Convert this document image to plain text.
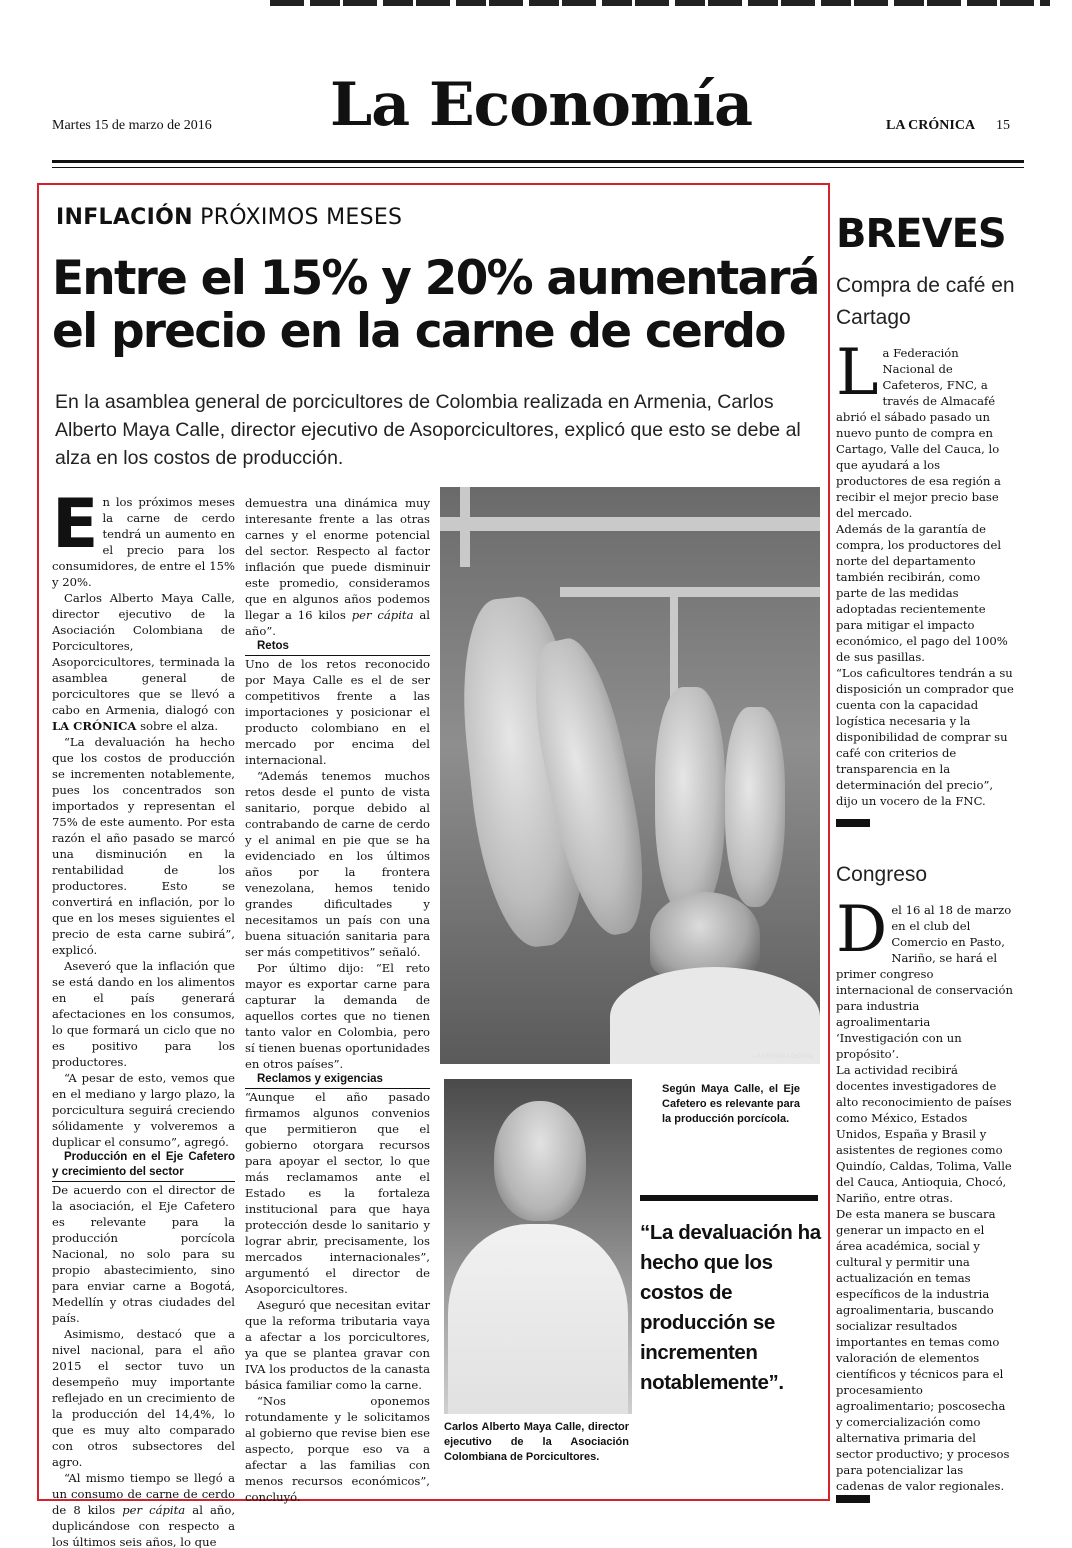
Martes 15 de marzo de 2016 La Economía	LA CRÓNICA 15
INFLACIÓN PRÓXIMOS MESES
Entre el 15% y 20% aumentará el precio en la carne de cerdo
En la asamblea general de porcicultores de Colombia realizada en Armenia, Carlos Alberto Maya Calle, director ejecutivo de Asoporcicultores, explicó que esto se debe al alza en los costos de producción.

En los próximos meses la carne de cerdo tendrá un aumento en el precio para los consumidores, de entre el 15% y 20%.

Carlos Alberto Maya Calle, director ejecutivo de la Asociación Colombiana de Porcicultores, Asoporcicultores, terminada la asamblea general de porcicultores que se llevó a cabo en Armenia, dialogó con LA CRÓNICA sobre el alza.

“La devaluación ha hecho que los costos de producción se incrementen notablemente, pues los concentrados son importados y representan el 75% de este aumento. Por esta razón el año pasado se marcó una disminución en la rentabilidad de los productores. Esto se convertirá en inflación, por lo que en los meses siguientes el precio de esta carne subirá”, explicó.

Aseveró que la inflación que se está dando en los alimentos en el país generará afectaciones en los consumos, lo que formará un ciclo que no es positivo para los productores.

“A pesar de esto, vemos que en el mediano y largo plazo, la porcicultura seguirá creciendo sólidamente y volveremos a duplicar el consumo”, agregó.

Producción en el Eje Cafetero y crecimiento del sector

De acuerdo con el director de la asociación, el Eje Cafetero es relevante para la producción porcícola Nacional, no solo para su propio abastecimiento, sino para enviar carne a Bogotá, Medellín y otras ciudades del país.

Asimismo, destacó que a nivel nacional, para el año 2015 el sector tuvo un desempeño muy importante reflejado en un crecimiento de la producción del 14,4%, lo que es muy alto comparado con otros subsectores del agro.

“Al mismo tiempo se llegó a un consumo de carne de cerdo de 8 kilos per cápita al año, duplicándose con respecto a los últimos seis años, lo que

demuestra una dinámica muy interesante frente a las otras carnes y el enorme potencial del sector. Respecto al factor inflación que puede disminuir este promedio, consideramos que en algunos años podemos llegar a 16 kilos per cápita al año”.

Retos

Uno de los retos reconocido por Maya Calle es el de ser competitivos frente a las importaciones y posicionar el producto colombiano en el mercado por encima del internacional.

“Además tenemos muchos retos desde el punto de vista sanitario, porque debido al contrabando de carne de cerdo y el animal en pie que se ha evidenciado en los últimos años por la frontera venezolana, hemos tenido grandes dificultades y necesitamos un país con una buena situación sanitaria para ser más competitivos” señaló.

Por último dijo: “El reto mayor es exportar carne para capturar la demanda de aquellos cortes que no tienen tanto valor en Colombia, pero sí tienen buenas oportunidades en otros países”.

Reclamos y exigencias

“Aunque el año pasado firmamos algunos convenios que permitieron que el gobierno otorgara recursos para apoyar el sector, lo que más reclamamos ante el Estado es la fortaleza institucional para que haya protección desde lo sanitario y lograr abrir, precisamente, los mercados internacionales”, argumentó el director de Asoporcicultores.

Aseguró que necesitan evitar que la reforma tributaria vaya a afectar a los porcicultores, ya que se plantea gravar con IVA los productos de la canasta básica familiar como la carne.

“Nos oponemos rotundamente y le solicitamos al gobierno que revise bien ese aspecto, porque eso va a afectar a las familias con menos recursos económicos”, concluyó.

LA CRÓNICA DIGITAL
Según Maya Calle, el Eje Cafetero es relevante para la producción porcícola.
Carlos Alberto Maya Calle, director ejecutivo de la Asociación Colombiana de Porcicultores.
“La devaluación ha hecho que los costos de producción se incrementen notablemente”.
BREVES
Compra de café en Cartago

La Federación Nacional de Cafeteros, FNC, a través de Almacafé abrió el sábado pasado un nuevo punto de compra en Cartago, Valle del Cauca, lo que ayudará a los productores de esa región a recibir el mejor precio base del mercado.

Además de la garantía de compra, los productores del norte del departamento también recibirán, como parte de las medidas adoptadas recientemente para mitigar el impacto económico, el pago del 100% de sus pasillas.

“Los caficultores tendrán a su disposición un comprador que cuenta con la capacidad logística necesaria y la disponibilidad de comprar su café con criterios de transparencia en la determinación del precio”, dijo un vocero de la FNC.

Congreso

Del 16 al 18 de marzo en el club del Comercio en Pasto, Nariño, se hará el primer congreso internacional de conservación para industria agroalimentaria ‘Investigación con un propósito’.

La actividad recibirá docentes investigadores de alto reconocimiento de países como México, Estados Unidos, España y Brasil y asistentes de regiones como Quindío, Caldas, Tolima, Valle del Cauca, Antioquia, Chocó, Nariño, entre otras.

De esta manera se buscara generar un impacto en el área académica, social y cultural y permitir una actualización en temas específicos de la industria agroalimentaria, buscando socializar resultados importantes en temas como valoración de elementos científicos y técnicos para el procesamiento agroalimentario; poscosecha y comercialización como alternativa primaria del sector productivo; y procesos para potencializar las cadenas de valor regionales.
